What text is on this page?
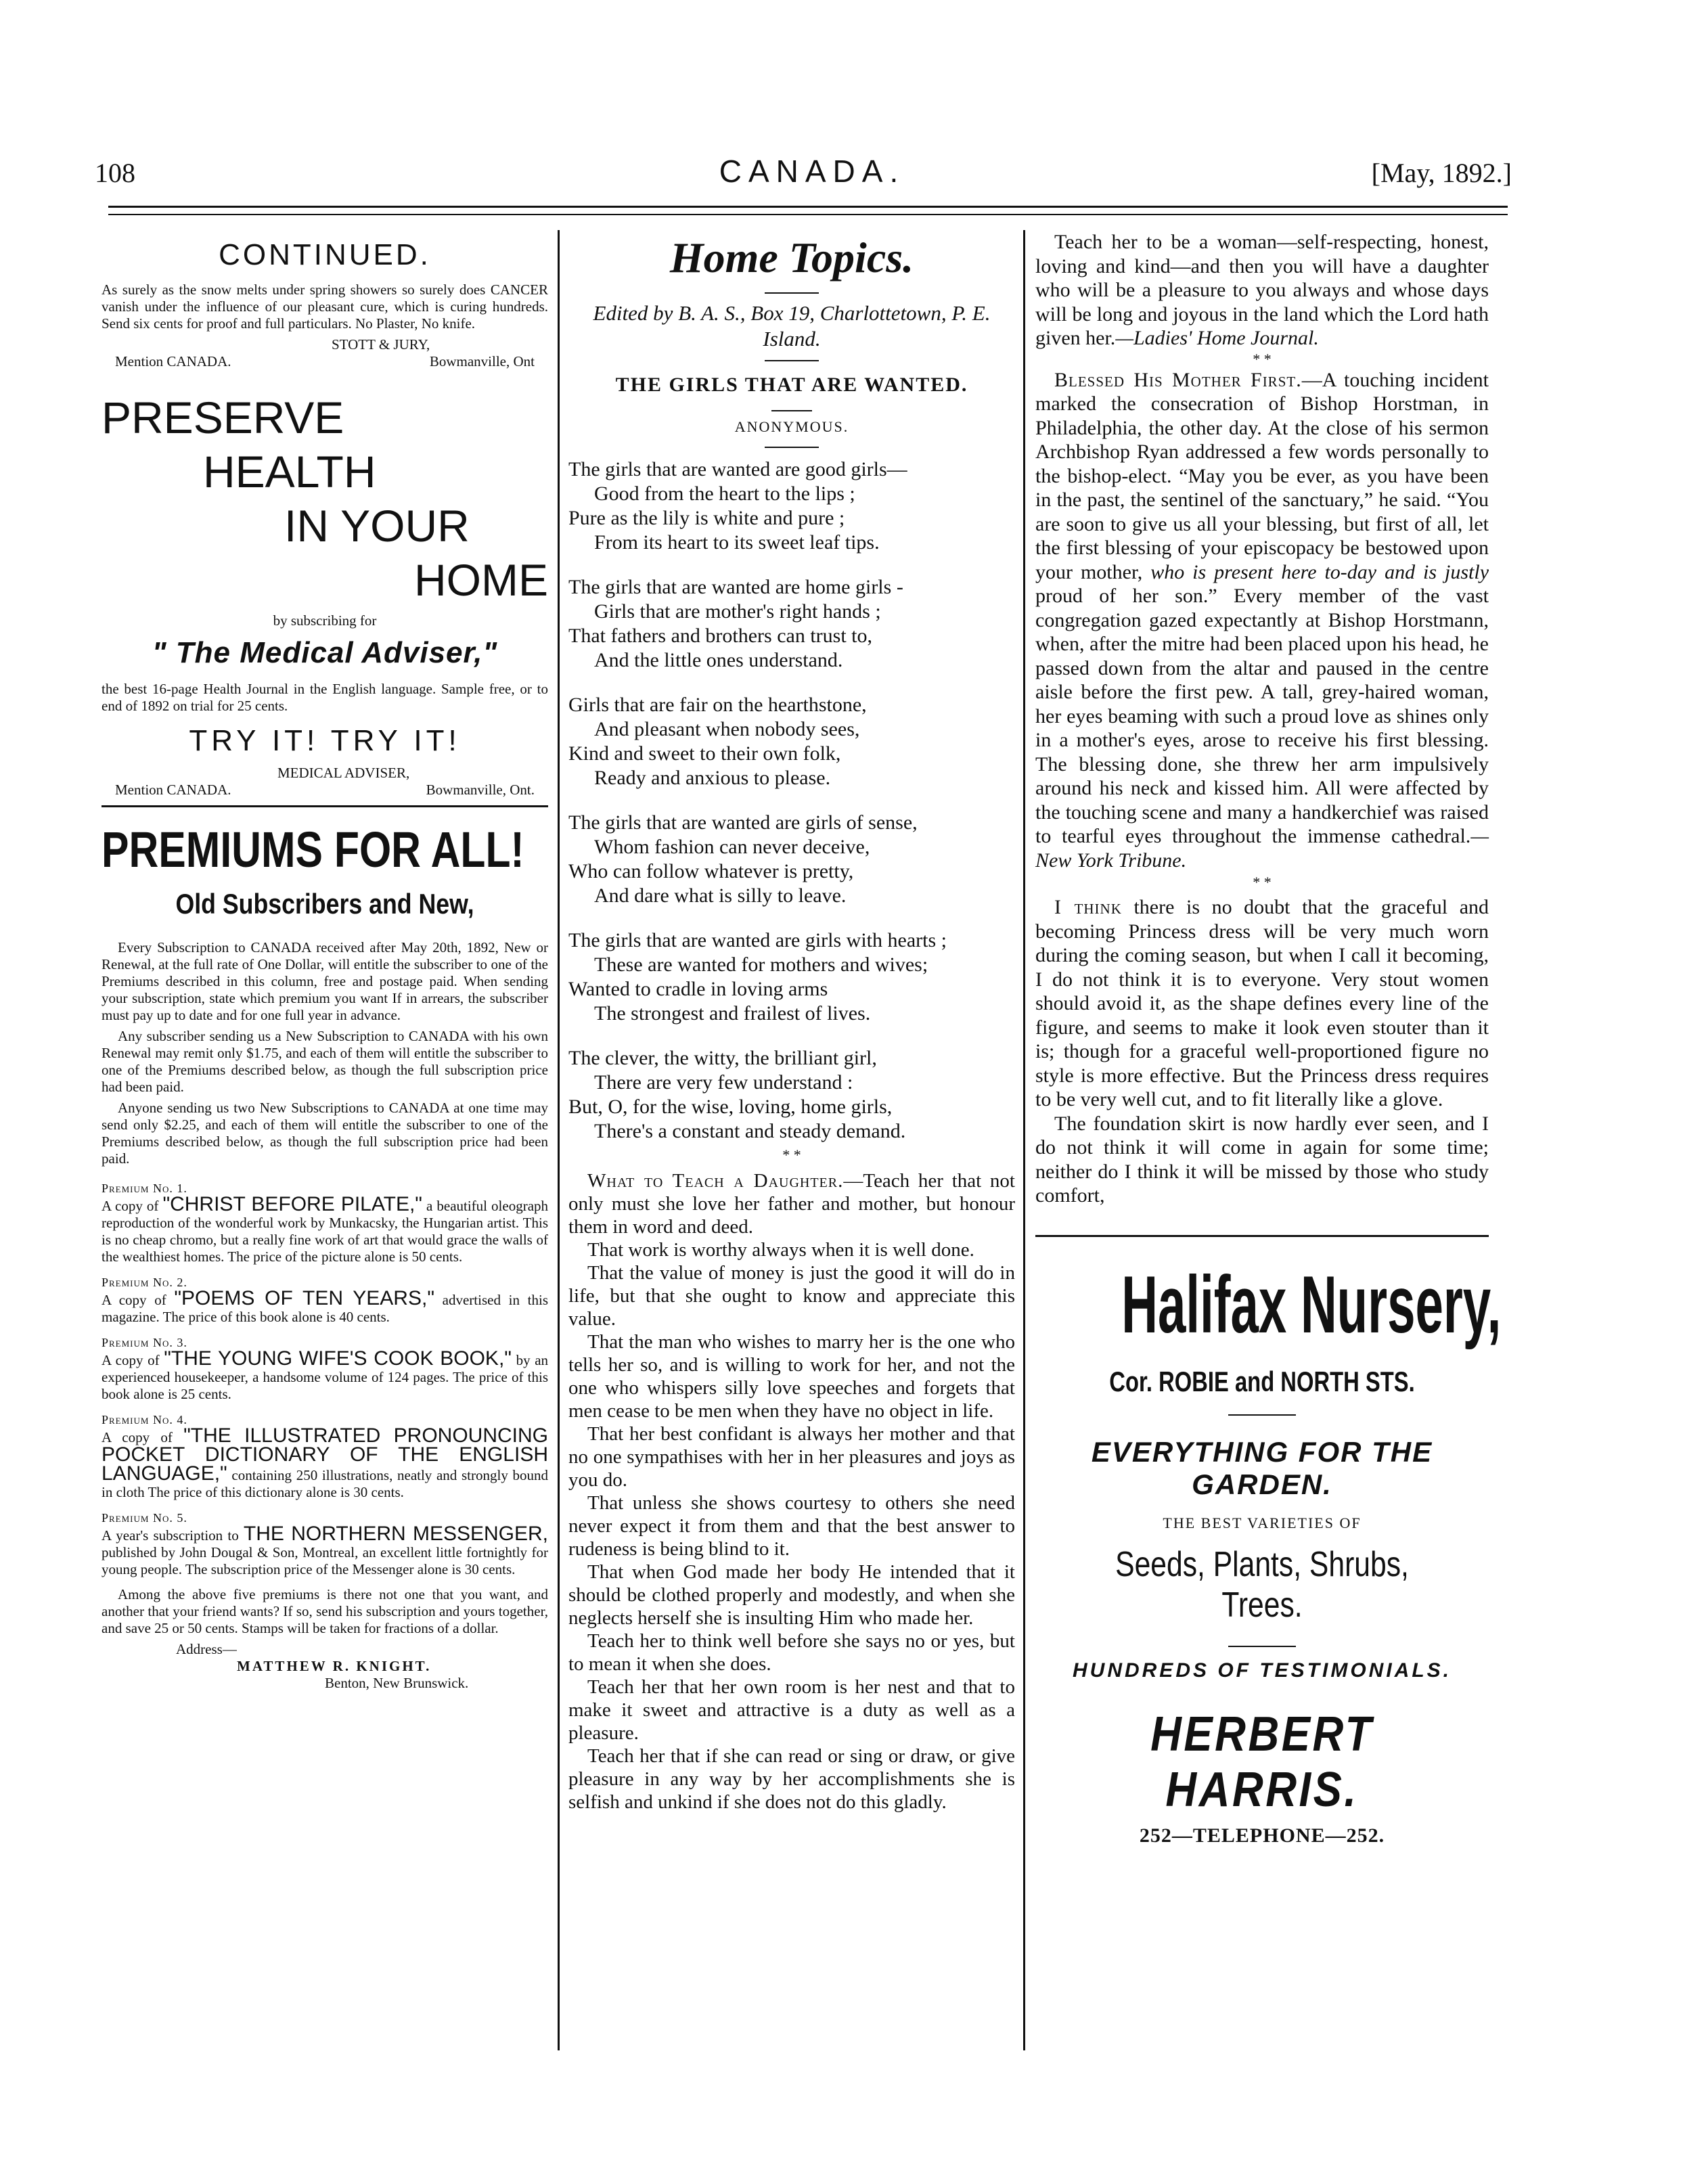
108	CANADA.	[May, 1892.]
CONTINUED.
As surely as the snow melts under spring showers so surely does CANCER vanish under the influence of our pleasant cure, which is curing hundreds. Send six cents for proof and full particulars. No Plaster, No knife.
STOTT & JURY,
Mention CANADA.	Bowmanville, Ont
PRESERVE
HEALTH
IN YOUR
HOME
by subscribing for
" The Medical Adviser,"
the best 16-page Health Journal in the English language. Sample free, or to end of 1892 on trial for 25 cents.
TRY IT! TRY IT!
MEDICAL ADVISER,
Mention CANADA.	Bowmanville, Ont.
PREMIUMS FOR ALL!
Old Subscribers and New,

Every Subscription to CANADA received after May 20th, 1892, New or Renewal, at the full rate of One Dollar, will entitle the subscriber to one of the Premiums described in this column, free and postage paid. When sending your subscription, state which premium you want If in arrears, the subscriber must pay up to date and for one full year in advance.

Any subscriber sending us a New Subscription to CANADA with his own Renewal may remit only $1.75, and each of them will entitle the subscriber to one of the Premiums described below, as though the full subscription price had been paid.

Anyone sending us two New Subscriptions to CANADA at one time may send only $2.25, and each of them will entitle the subscriber to one of the Premiums described below, as though the full subscription price had been paid.

Premium No. 1.
A copy of "CHRIST BEFORE PILATE," a beautiful oleograph reproduction of the wonderful work by Munkacsky, the Hungarian artist. This is no cheap chromo, but a really fine work of art that would grace the walls of the wealthiest homes. The price of the picture alone is 50 cents.
Premium No. 2.
A copy of "POEMS OF TEN YEARS," advertised in this magazine. The price of this book alone is 40 cents.
Premium No. 3.
A copy of "THE YOUNG WIFE'S COOK BOOK," by an experienced housekeeper, a handsome volume of 124 pages. The price of this book alone is 25 cents.
Premium No. 4.
A copy of "THE ILLUSTRATED PRONOUNCING POCKET DICTIONARY OF THE ENGLISH LANGUAGE," containing 250 illustrations, neatly and strongly bound in cloth The price of this dictionary alone is 30 cents.
Premium No. 5.
A year's subscription to THE NORTHERN MESSENGER, published by John Dougal & Son, Montreal, an excellent little fortnightly for young people. The subscription price of the Messenger alone is 30 cents.

Among the above five premiums is there not one that you want, and another that your friend wants? If so, send his subscription and yours together, and save 25 or 50 cents. Stamps will be taken for fractions of a dollar.

Address—
MATTHEW R. KNIGHT.
Benton, New Brunswick.
Home Topics.
Edited by B. A. S., Box 19, Charlottetown, P. E. Island.
THE GIRLS THAT ARE WANTED.
ANONYMOUS.
The girls that are wanted are good girls—
Good from the heart to the lips ;
Pure as the lily is white and pure ;
From its heart to its sweet leaf tips.
The girls that are wanted are home girls -
Girls that are mother's right hands ;
That fathers and brothers can trust to,
And the little ones understand.
Girls that are fair on the hearthstone,
And pleasant when nobody sees,
Kind and sweet to their own folk,
Ready and anxious to please.
The girls that are wanted are girls of sense,
Whom fashion can never deceive,
Who can follow whatever is pretty,
And dare what is silly to leave.
The girls that are wanted are girls with hearts ;
These are wanted for mothers and wives;
Wanted to cradle in loving arms
The strongest and frailest of lives.
The clever, the witty, the brilliant girl,
There are very few understand :
But, O, for the wise, loving, home girls,
There's a constant and steady demand.
* *

What to Teach a Daughter.—Teach her that not only must she love her father and mother, but honour them in word and deed.

That work is worthy always when it is well done.

That the value of money is just the good it will do in life, but that she ought to know and appreciate this value.

That the man who wishes to marry her is the one who tells her so, and is willing to work for her, and not the one who whispers silly love speeches and forgets that men cease to be men when they have no object in life.

That her best confidant is always her mother and that no one sympathises with her in her pleasures and joys as you do.

That unless she shows courtesy to others she need never expect it from them and that the best answer to rudeness is being blind to it.

That when God made her body He intended that it should be clothed properly and modestly, and when she neglects herself she is insulting Him who made her.

Teach her to think well before she says no or yes, but to mean it when she does.

Teach her that her own room is her nest and that to make it sweet and attractive is a duty as well as a pleasure.

Teach her that if she can read or sing or draw, or give pleasure in any way by her accomplishments she is selfish and unkind if she does not do this gladly.

Teach her to be a woman—self-respecting, honest, loving and kind—and then you will have a daughter who will be a pleasure to you always and whose days will be long and joyous in the land which the Lord hath given her.—Ladies' Home Journal.

* *

Blessed His Mother First.—A touching incident marked the consecration of Bishop Horstman, in Philadelphia, the other day. At the close of his sermon Archbishop Ryan addressed a few words personally to the bishop-elect. “May you be ever, as you have been in the past, the sentinel of the sanctuary,” he said. “You are soon to give us all your blessing, but first of all, let the first blessing of your episcopacy be bestowed upon your mother, who is present here to-day and is justly proud of her son.” Every member of the vast congregation gazed expectantly at Bishop Horstmann, when, after the mitre had been placed upon his head, he passed down from the altar and paused in the centre aisle before the first pew. A tall, grey-haired woman, her eyes beaming with such a proud love as shines only in a mother's eyes, arose to receive his first blessing. The blessing done, she threw her arm impulsively around his neck and kissed him. All were affected by the touching scene and many a handkerchief was raised to tearful eyes throughout the immense cathedral.—New York Tribune.

* *

I think there is no doubt that the graceful and becoming Princess dress will be very much worn during the coming season, but when I call it becoming, I do not think it is to everyone. Very stout women should avoid it, as the shape defines every line of the figure, and seems to make it look even stouter than it is; though for a graceful well-proportioned figure no style is more effective. But the Princess dress requires to be very well cut, and to fit literally like a glove.

The foundation skirt is now hardly ever seen, and I do not think it will come in again for some time; neither do I think it will be missed by those who study comfort,

Halifax Nursery,
Cor. ROBIE and NORTH STS.
EVERYTHING FOR THE GARDEN.
THE BEST VARIETIES OF
Seeds, Plants, Shrubs, Trees.
HUNDREDS OF TESTIMONIALS.
HERBERT HARRIS.
252—TELEPHONE—252.
